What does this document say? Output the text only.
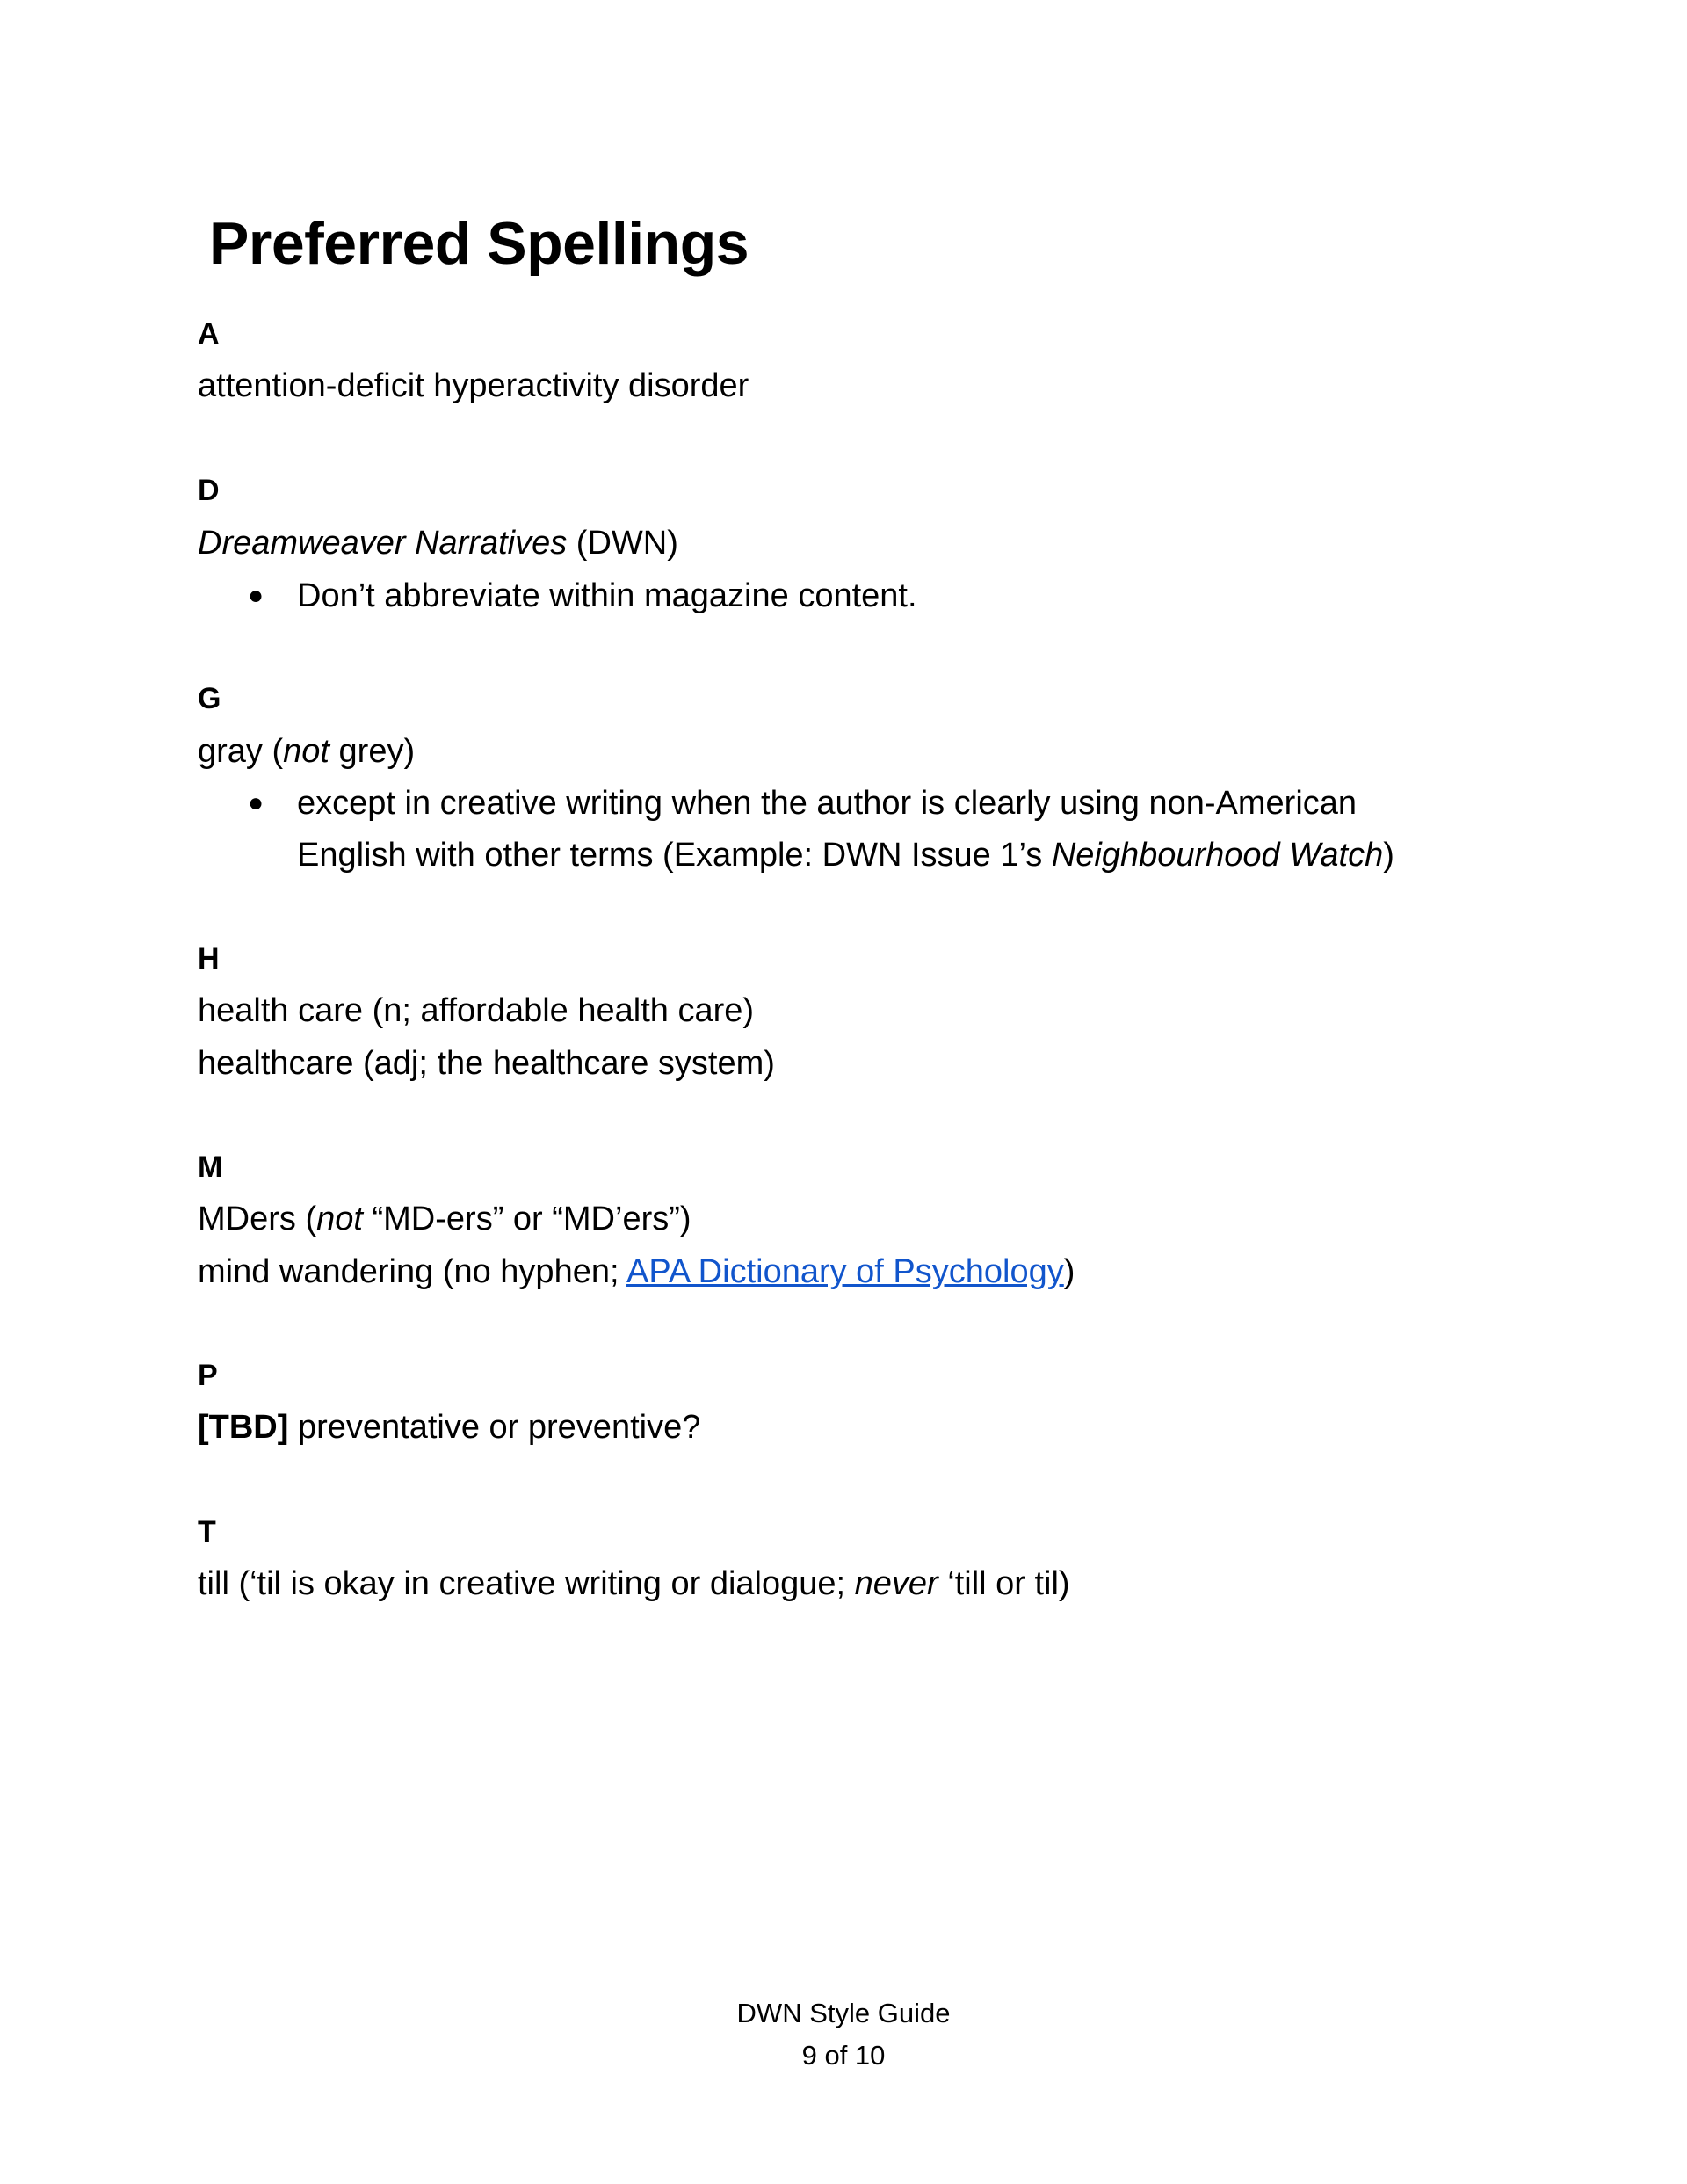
Preferred Spellings
A
attention-deficit hyperactivity disorder
D
Dreamweaver Narratives (DWN)
● Don’t abbreviate within magazine content.
G
gray (not grey)
● except in creative writing when the author is clearly using non-American
English with other terms (Example: DWN Issue 1’s Neighbourhood Watch)
H
health care (n; affordable health care)
healthcare (adj; the healthcare system)
M
MDers (not “MD-ers” or “MD’ers”)
mind wandering (no hyphen; APA Dictionary of Psychology)
P
[TBD] preventative or preventive?
T
till (‘til is okay in creative writing or dialogue; never ‘till or til)
DWN Style Guide
9 of 10
